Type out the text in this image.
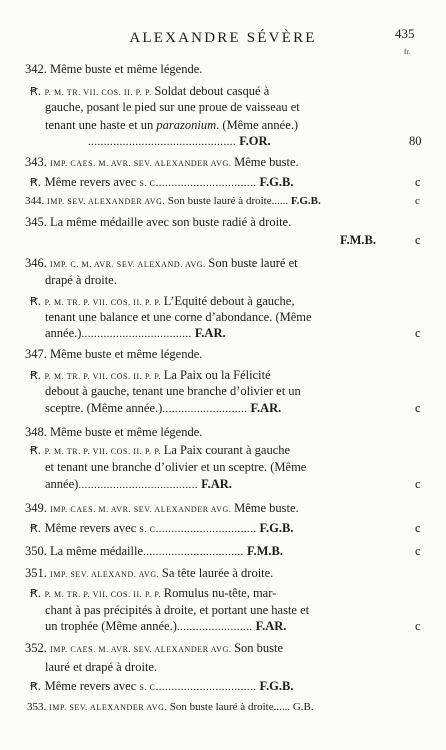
ALEXANDRE SÉVÈRE	435
fr.
342. Même buste et même légende.
Ꞧ. P. M. TR. VII. COS. II. P. P. Soldat debout casqué à
gauche, posant le pied sur une proue de vaisseau et
tenant une haste et un parazonium. (Même année.)
............................................... F.OR.
343. IMP. CAES. M. AVR. SEV. ALEXANDER AVG. Même buste.
Ꞧ. Même revers avec S. C................................ F.G.B.
344. IMP. SEV. ALEXANDER AVG. Son buste lauré à droite...... F.G.B.
345. La même médaille avec son buste radié à droite.
F.M.B.
346. IMP. C. M. AVR. SEV. ALEXAND. AVG. Son buste lauré et
drapé à droite.
Ꞧ. P. M. TR. P. VII. COS. II. P. P. L’Equité debout à gauche,
tenant une balance et une corne d’abondance. (Même
année.)................................... F.AR.
347. Même buste et même légende.
Ꞧ. P. M. TR. P. VII. COS. II. P. P. La Paix ou la Félicité
debout à gauche, tenant une branche d’olivier et un
sceptre. (Même année.)........................... F.AR.
348. Même buste et même légende.
Ꞧ. P. M. TR. P. VII. COS. II. P. P. La Paix courant à gauche
et tenant une branche d’olivier et un sceptre. (Même
année)...................................... F.AR.
349. IMP. CAES. M. AVR. SEV. ALEXANDER AVG. Même buste.
Ꞧ. Même revers avec S. C................................ F.G.B.
350. La même médaille................................ F.M.B.
351. IMP. SEV. ALEXAND. AVG. Sa tête laurée à droite.
Ꞧ. P. M. TR. P. VII. COS. II. P. P. Romulus nu-tête, mar-
chant à pas précipités à droite, et portant une haste et
un trophée (Même année.)........................ F.AR.
352. IMP. CAES. M. AVR. SEV. ALEXANDER AVG. Son buste
lauré et drapé à droite.
Ꞧ. Même revers avec S. C................................ F.G.B.
353. IMP. SEV. ALEXANDER AVG. Son buste lauré à droite...... G.B.
80
c
c
c
c
c
c
c
c
c
